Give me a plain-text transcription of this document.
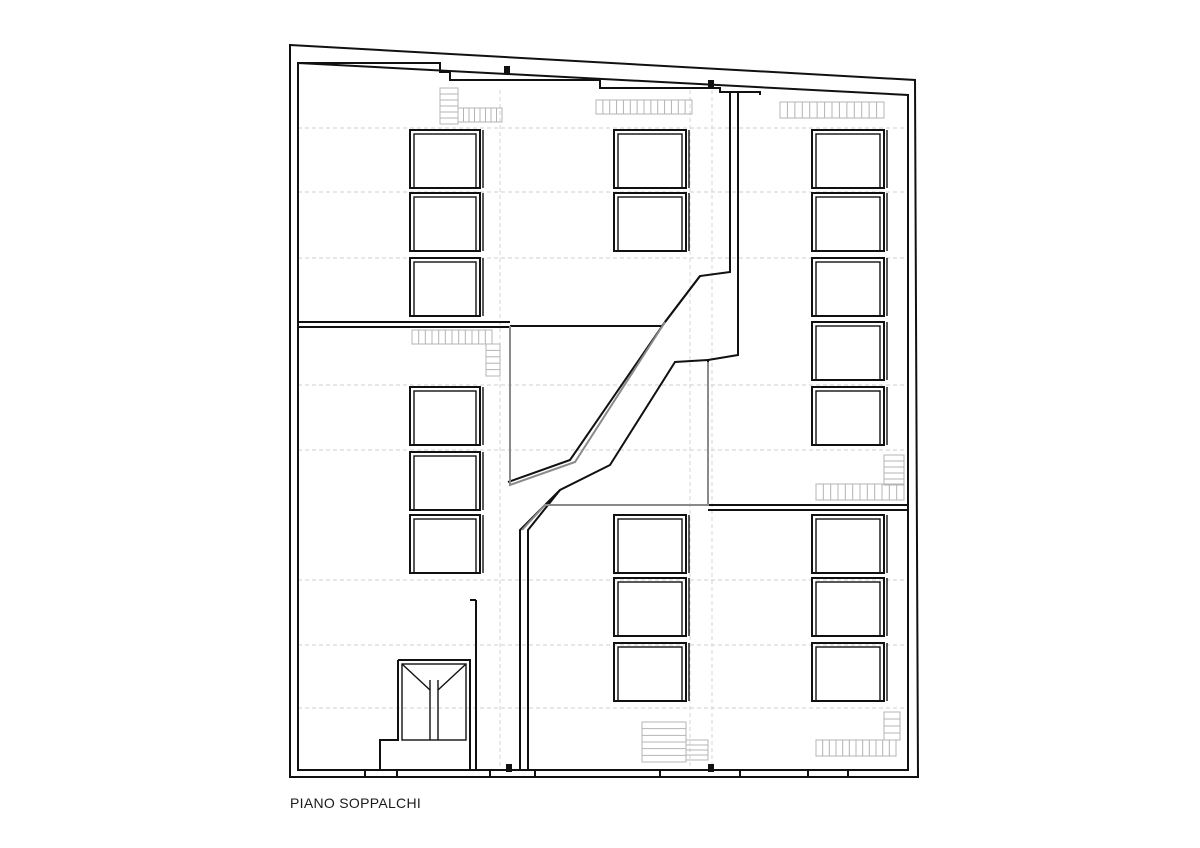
PIANO SOPPALCHI
